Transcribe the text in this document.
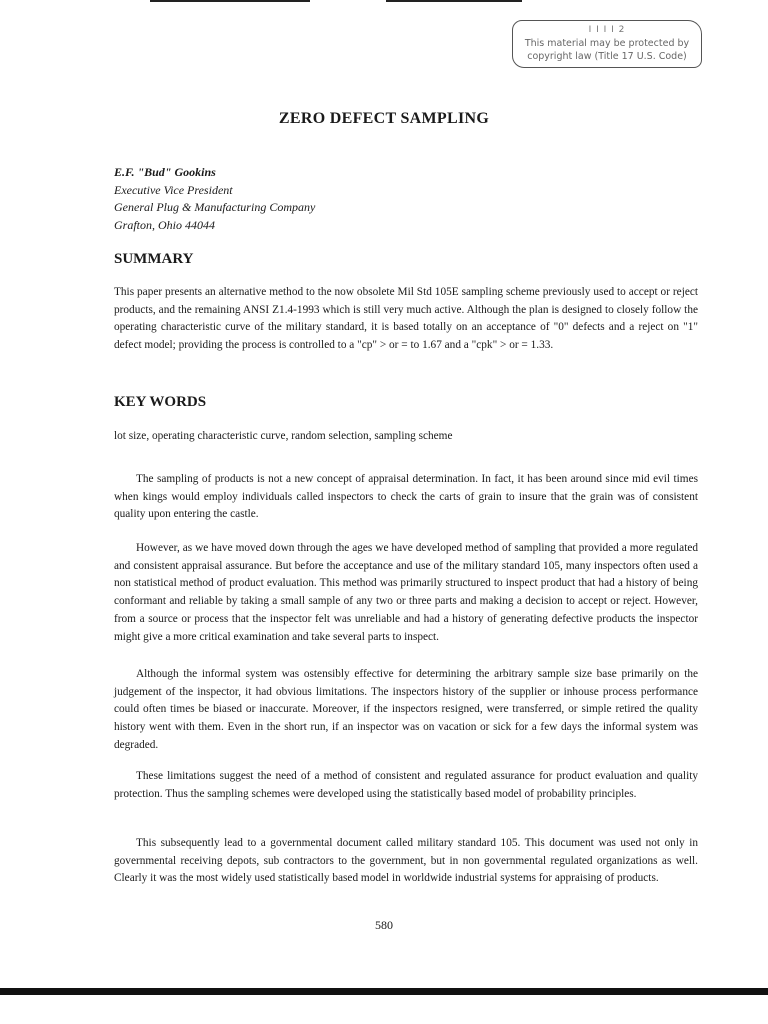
I I I I 2
This material may be protected by
copyright law (Title 17 U.S. Code)
ZERO DEFECT SAMPLING
E.F. "Bud" Gookins
Executive Vice President
General Plug & Manufacturing Company
Grafton, Ohio 44044
SUMMARY

This paper presents an alternative method to the now obsolete Mil Std 105E sampling scheme previously used to accept or reject products, and the remaining ANSI Z1.4-1993 which is still very much active. Although the plan is designed to closely follow the operating characteristic curve of the military standard, it is based totally on an acceptance of "0" defects and a reject on "1" defect model; providing the process is controlled to a "cp" > or = to 1.67 and a "cpk" > or = 1.33.

KEY WORDS

lot size, operating characteristic curve, random selection, sampling scheme

The sampling of products is not a new concept of appraisal determination. In fact, it has been around since mid evil times when kings would employ individuals called inspectors to check the carts of grain to insure that the grain was of consistent quality upon entering the castle.

However, as we have moved down through the ages we have developed method of sampling that provided a more regulated and consistent appraisal assurance. But before the acceptance and use of the military standard 105, many inspectors often used a non statistical method of product evaluation. This method was primarily structured to inspect product that had a history of being conformant and reliable by taking a small sample of any two or three parts and making a decision to accept or reject. However, from a source or process that the inspector felt was unreliable and had a history of generating defective products the inspector might give a more critical examination and take several parts to inspect.

Although the informal system was ostensibly effective for determining the arbitrary sample size base primarily on the judgement of the inspector, it had obvious limitations. The inspectors history of the supplier or inhouse process performance could often times be biased or inaccurate. Moreover, if the inspectors resigned, were transferred, or simple retired the quality history went with them. Even in the short run, if an inspector was on vacation or sick for a few days the informal system was degraded.

These limitations suggest the need of a method of consistent and regulated assurance for product evaluation and quality protection. Thus the sampling schemes were developed using the statistically based model of probability principles.

This subsequently lead to a governmental document called military standard 105. This document was used not only in governmental receiving depots, sub contractors to the government, but in non governmental regulated organizations as well. Clearly it was the most widely used statistically based model in worldwide industrial systems for appraising of products.

580
